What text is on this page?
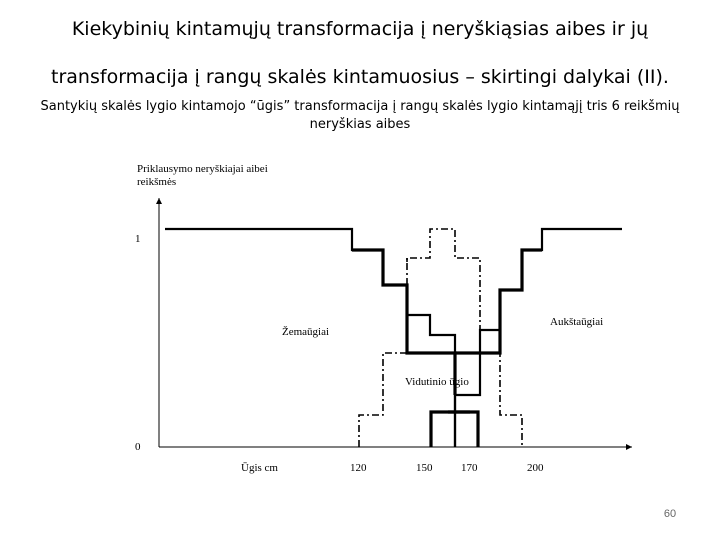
Kiekybinių kintamųjų transformacija į neryškiąsias aibes ir jų
transformacija į rangų skalės kintamuosius – skirtingi dalykai (II).
Santykių skalės lygio kintamojo “ūgis” transformacija į rangų skalės lygio kintamąjį tris 6 reikšmių neryškias aibes
Priklausymo neryškiajai aibei
reikšmės
1
0
Ūgis cm	120	150	170	200
Žemaūgiai
Vidutinio ūgio
Aukštaūgiai
60
